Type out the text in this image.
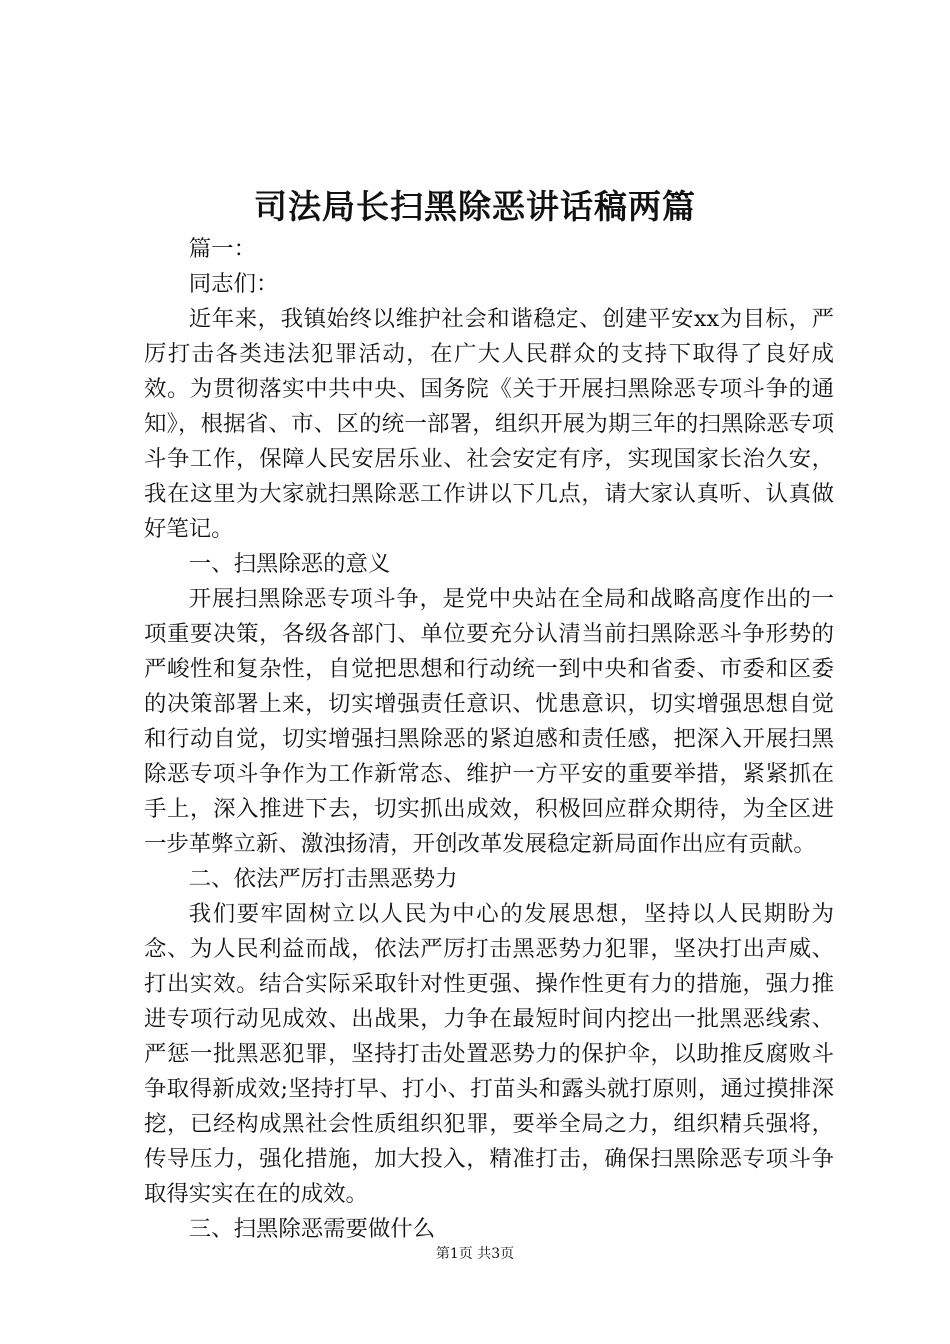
司法局长扫黑除恶讲话稿两篇

篇一：

同志们：

近年来，我镇始终以维护社会和谐稳定、创建平安xx为目标，严厉打击各类违法犯罪活动，在广大人民群众的支持下取得了良好成效。为贯彻落实中共中央、国务院《关于开展扫黑除恶专项斗争的通知》，根据省、市、区的统一部署，组织开展为期三年的扫黑除恶专项斗争工作，保障人民安居乐业、社会安定有序，实现国家长治久安，我在这里为大家就扫黑除恶工作讲以下几点，请大家认真听、认真做好笔记。

一、扫黑除恶的意义

开展扫黑除恶专项斗争，是党中央站在全局和战略高度作出的一项重要决策，各级各部门、单位要充分认清当前扫黑除恶斗争形势的严峻性和复杂性，自觉把思想和行动统一到中央和省委、市委和区委的决策部署上来，切实增强责任意识、忧患意识，切实增强思想自觉和行动自觉，切实增强扫黑除恶的紧迫感和责任感，把深入开展扫黑除恶专项斗争作为工作新常态、维护一方平安的重要举措，紧紧抓在手上，深入推进下去，切实抓出成效，积极回应群众期待，为全区进一步革弊立新、激浊扬清，开创改革发展稳定新局面作出应有贡献。

二、依法严厉打击黑恶势力

我们要牢固树立以人民为中心的发展思想，坚持以人民期盼为念、为人民利益而战，依法严厉打击黑恶势力犯罪，坚决打出声威、打出实效。结合实际采取针对性更强、操作性更有力的措施，强力推进专项行动见成效、出战果，力争在最短时间内挖出一批黑恶线索、严惩一批黑恶犯罪，坚持打击处置恶势力的保护伞，以助推反腐败斗争取得新成效;坚持打早、打小、打苗头和露头就打原则，通过摸排深挖，已经构成黑社会性质组织犯罪，要举全局之力，组织精兵强将，传导压力，强化措施，加大投入，精准打击，确保扫黑除恶专项斗争取得实实在在的成效。

三、扫黑除恶需要做什么

第1页 共3页
